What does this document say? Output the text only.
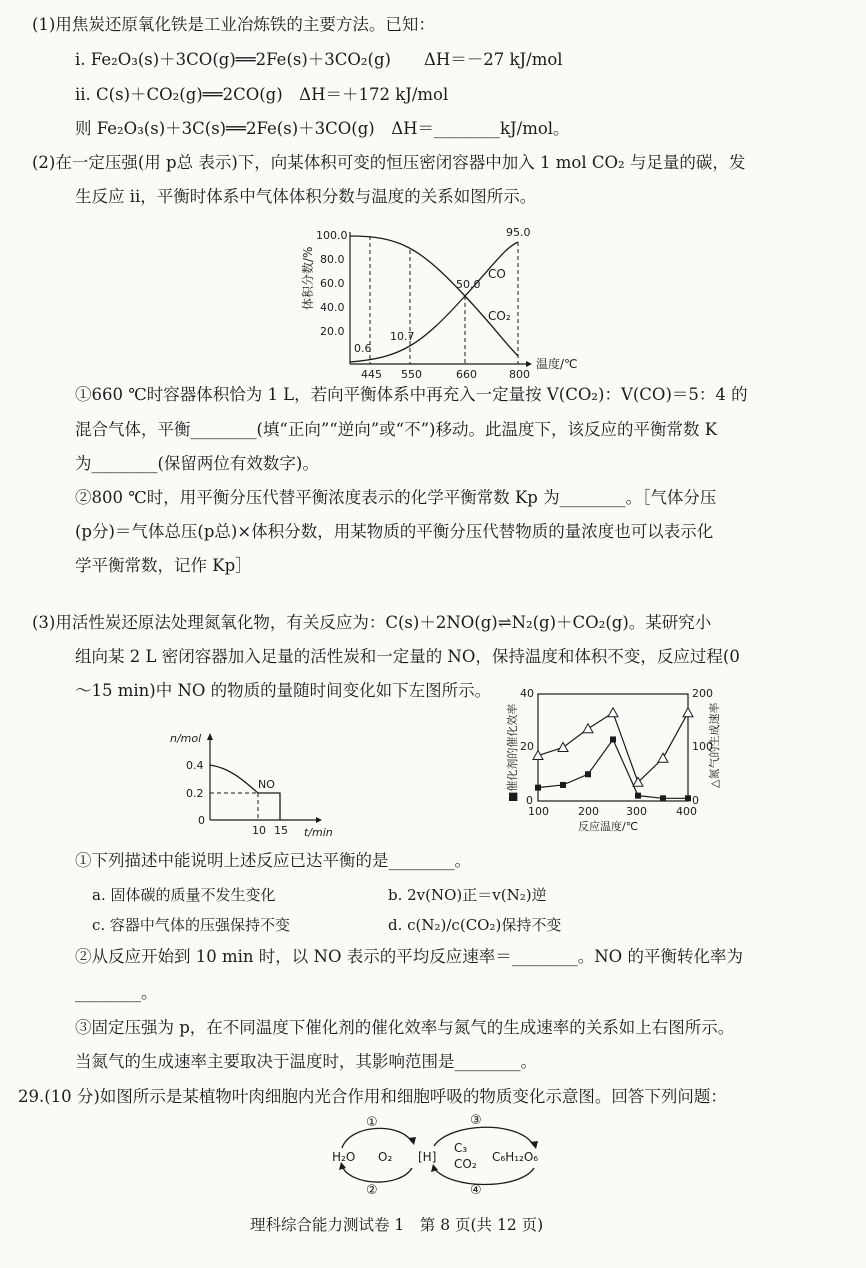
(1)用焦炭还原氧化铁是工业冶炼铁的主要方法。已知：
i. Fe₂O₃(s)＋3CO(g)══2Fe(s)＋3CO₂(g)　　ΔH＝－27 kJ/mol
ii. C(s)＋CO₂(g)══2CO(g)　ΔH＝＋172 kJ/mol
则 Fe₂O₃(s)＋3C(s)══2Fe(s)＋3CO(g)　ΔH＝________kJ/mol。
(2)在一定压强(用 p总 表示)下，向某体积可变的恒压密闭容器中加入 1 mol CO₂ 与足量的碳，发
生反应 ii，平衡时体系中气体体积分数与温度的关系如图所示。
体积分数/%
100.0
80.0
60.0
40.0
20.0
95.0
50.0
10.7
0.6
CO
CO₂
445 550	660	800
温度/℃
①660 ℃时容器体积恰为 1 L，若向平衡体系中再充入一定量按 V(CO₂)：V(CO)＝5：4 的
混合气体，平衡________(填“正向”“逆向”或“不”)移动。此温度下，该反应的平衡常数 K
为________(保留两位有效数字)。
②800 ℃时，用平衡分压代替平衡浓度表示的化学平衡常数 Kp 为________。［气体分压
(p分)＝气体总压(p总)×体积分数，用某物质的平衡分压代替物质的量浓度也可以表示化
学平衡常数，记作 Kp］
(3)用活性炭还原法处理氮氧化物，有关反应为：C(s)＋2NO(g)⇌N₂(g)＋CO₂(g)。某研究小
组向某 2 L 密闭容器加入足量的活性炭和一定量的 NO，保持温度和体积不变，反应过程(0
～15 min)中 NO 的物质的量随时间变化如下左图所示。
n/mol
0.4
0.2
0
NO
10 15 t/min
■催化剂的催化效率	△氮气的生成速率
40
20
0
200
100
0
100	200 300	400
反应温度/℃
①下列描述中能说明上述反应已达平衡的是________。
a. 固体碳的质量不发生变化	b. 2v(NO)正＝v(N₂)逆
c. 容器中气体的压强保持不变	d. c(N₂)/c(CO₂)保持不变
②从反应开始到 10 min 时，以 NO 表示的平均反应速率＝________。NO 的平衡转化率为
________。
③固定压强为 p，在不同温度下催化剂的催化效率与氮气的生成速率的关系如上右图所示。
当氮气的生成速率主要取决于温度时，其影响范围是________。
29.(10 分)如图所示是某植物叶肉细胞内光合作用和细胞呼吸的物质变化示意图。回答下列问题：
①	③
②	④
H₂O O₂ [H]
C₃
CO₂ C₆H₁₂O₆
理科综合能力测试卷 1　第 8 页(共 12 页)
